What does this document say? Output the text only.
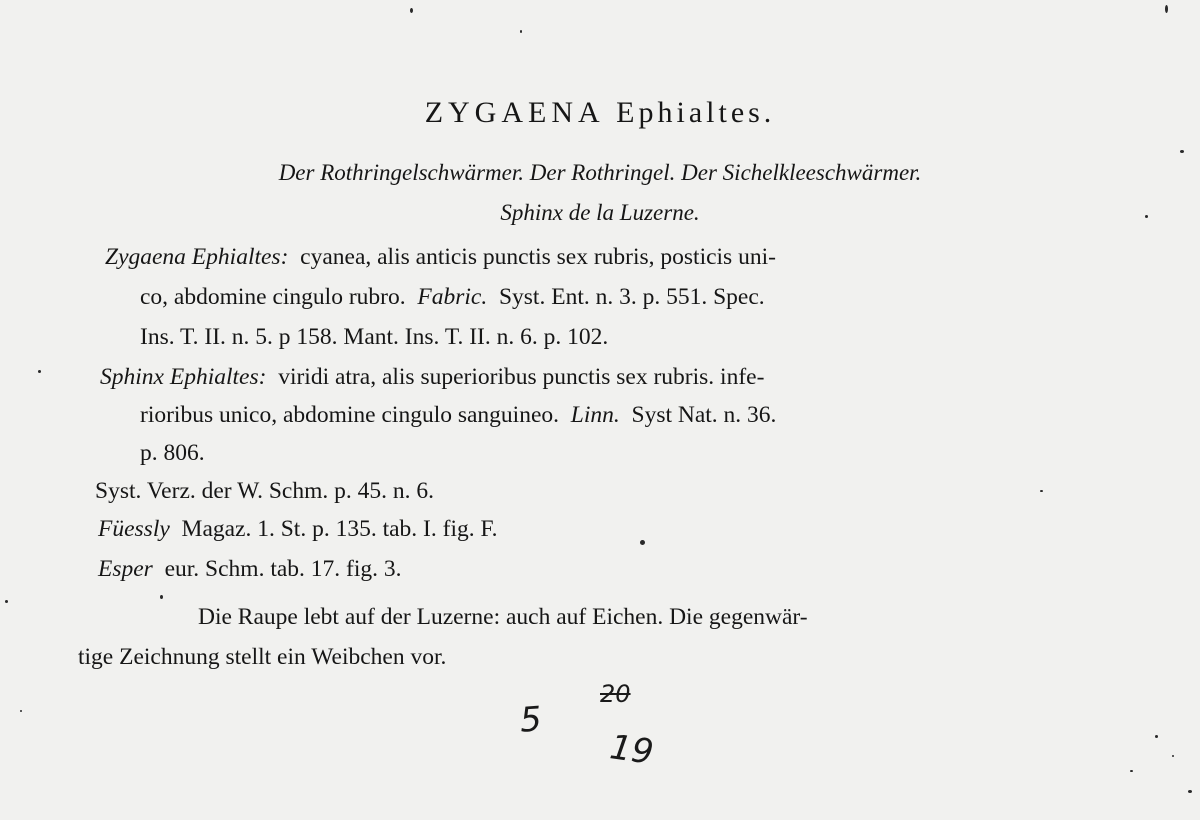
ZYGAENA Ephialtes.
Der Rothringelschwärmer. Der Rothringel. Der Sichelkleeschwärmer.
Sphinx de la Luzerne.
Zygaena Ephialtes: cyanea, alis anticis punctis sex rubris, posticis uni-
co, abdomine cingulo rubro. Fabric. Syst. Ent. n. 3. p. 551. Spec.
Ins. T. II. n. 5. p 158. Mant. Ins. T. II. n. 6. p. 102.
Sphinx Ephialtes: viridi atra, alis superioribus punctis sex rubris. infe-
rioribus unico, abdomine cingulo sanguineo. Linn. Syst Nat. n. 36.
p. 806.
Syst. Verz. der W. Schm. p. 45. n. 6.
Füessly Magaz. 1. St. p. 135. tab. I. fig. F.
Esper eur. Schm. tab. 17. fig. 3.
Die Raupe lebt auf der Luzerne: auch auf Eichen. Die gegenwär-
tige Zeichnung stellt ein Weibchen vor.
5
20
19
